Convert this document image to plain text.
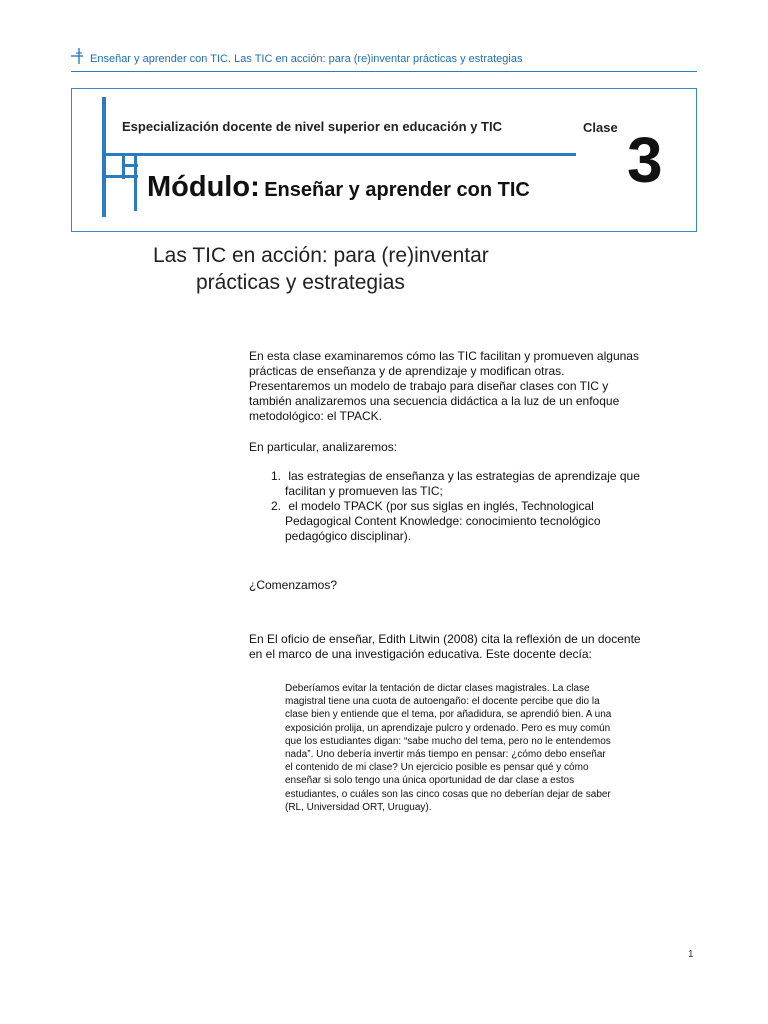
Enseñar y aprender con TIC. Las TIC en acción: para (re)inventar prácticas y estrategias
Especialización docente de nivel superior en educación y TIC
Módulo: Enseñar y aprender con TIC
Clase 3
Las TIC en acción: para (re)inventar
prácticas y estrategias
En esta clase examinaremos cómo las TIC facilitan y promueven algunas prácticas de enseñanza y de aprendizaje y modifican otras. Presentaremos un modelo de trabajo para diseñar clases con TIC y también analizaremos una secuencia didáctica a la luz de un enfoque metodológico: el TPACK.
En particular, analizaremos:
1. las estrategias de enseñanza y las estrategias de aprendizaje que facilitan y promueven las TIC;
2. el modelo TPACK (por sus siglas en inglés, Technological Pedagogical Content Knowledge: conocimiento tecnológico pedagógico disciplinar).
¿Comenzamos?
En El oficio de enseñar, Edith Litwin (2008) cita la reflexión de un docente en el marco de una investigación educativa. Este docente decía:
Deberíamos evitar la tentación de dictar clases magistrales. La clase magistral tiene una cuota de autoengaño: el docente percibe que dio la clase bien y entiende que el tema, por añadidura, se aprendió bien. A una exposición prolija, un aprendizaje pulcro y ordenado. Pero es muy común que los estudiantes digan: “sabe mucho del tema, pero no le entendemos nada”. Uno debería invertir más tiempo en pensar: ¿cómo debo enseñar el contenido de mi clase? Un ejercicio posible es pensar qué y cómo enseñar si solo tengo una única oportunidad de dar clase a estos estudiantes, o cuáles son las cinco cosas que no deberían dejar de saber (RL, Universidad ORT, Uruguay).
1
